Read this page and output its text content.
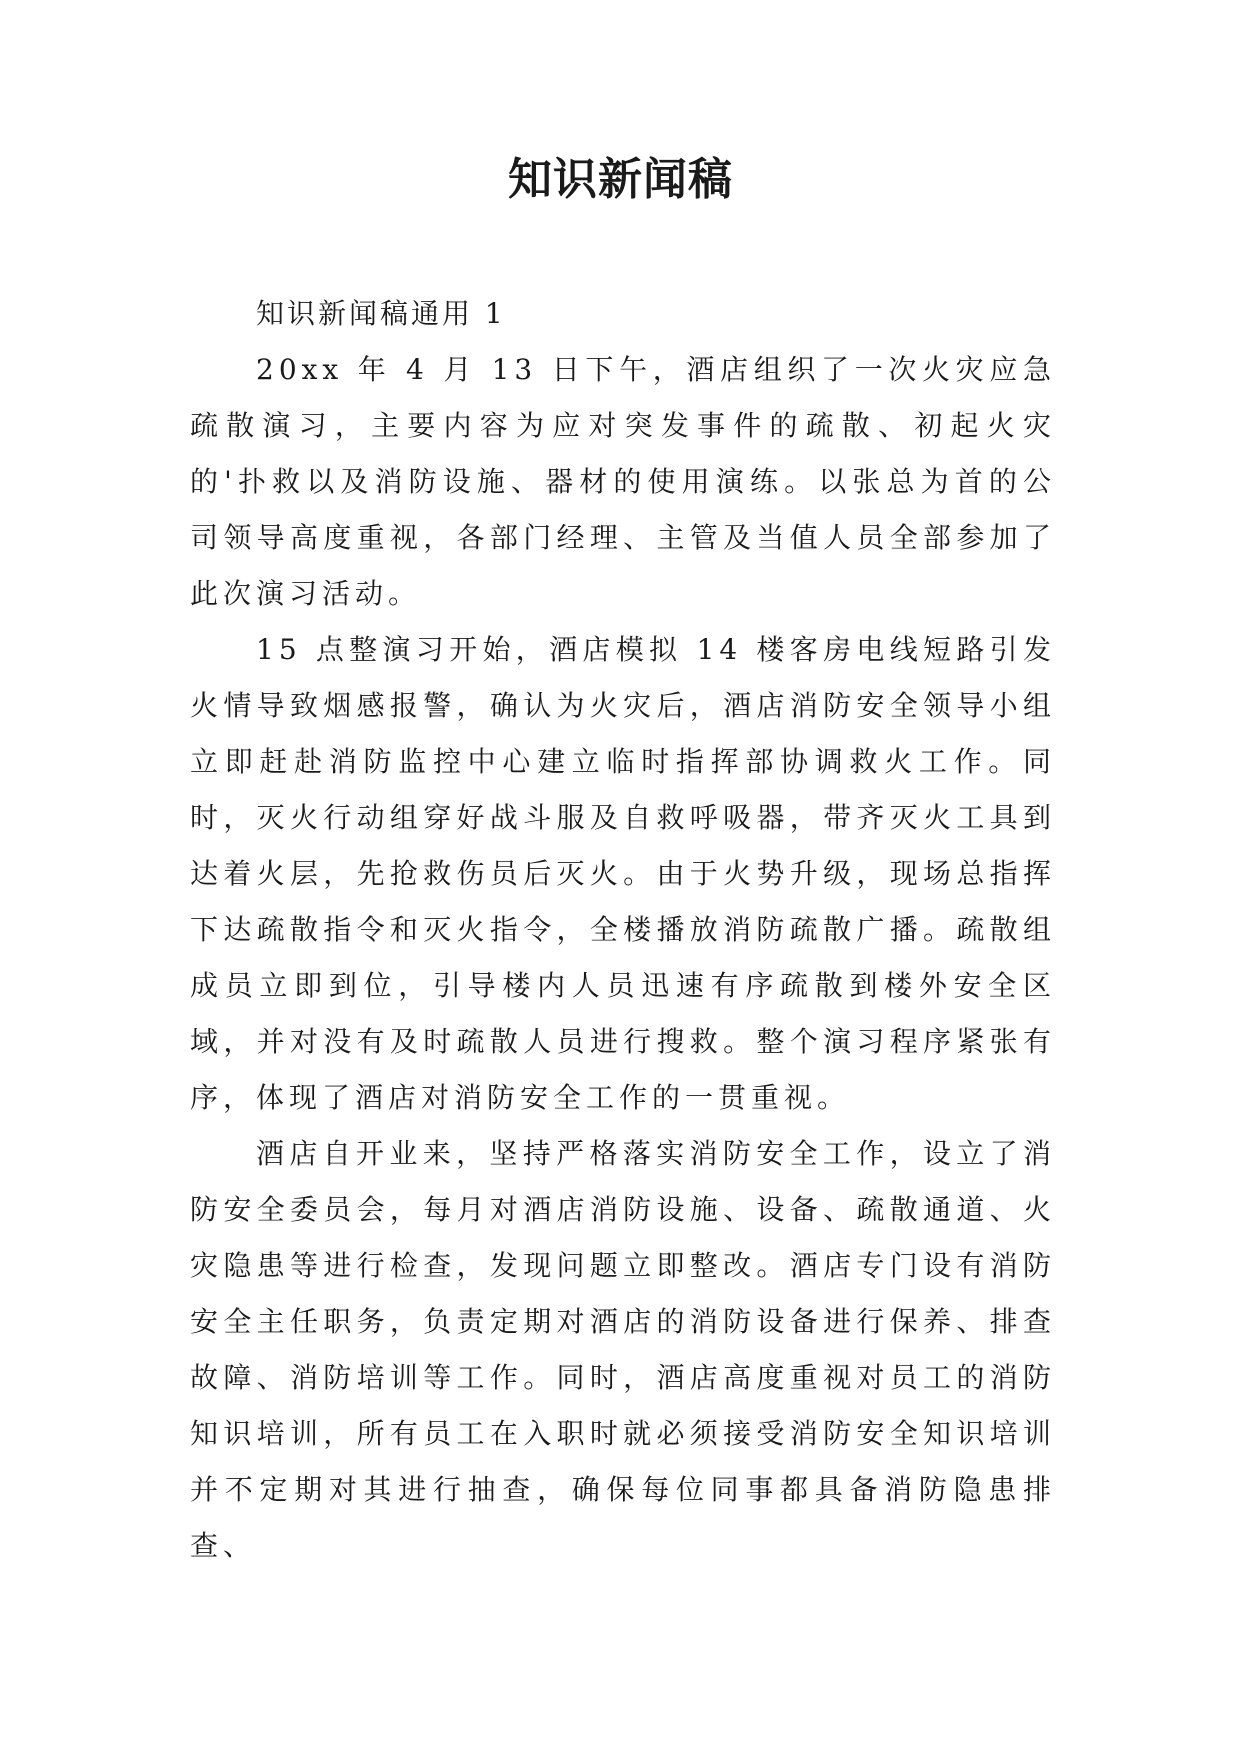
知识新闻稿

知识新闻稿通用 1

20xx 年 4 月 13 日下午，酒店组织了一次火灾应急疏散演习，主要内容为应对突发事件的疏散、初起火灾的'扑救以及消防设施、器材的使用演练。以张总为首的公司领导高度重视，各部门经理、主管及当值人员全部参加了此次演习活动。

15 点整演习开始，酒店模拟 14 楼客房电线短路引发火情导致烟感报警，确认为火灾后，酒店消防安全领导小组立即赶赴消防监控中心建立临时指挥部协调救火工作。同时，灭火行动组穿好战斗服及自救呼吸器，带齐灭火工具到达着火层，先抢救伤员后灭火。由于火势升级，现场总指挥下达疏散指令和灭火指令，全楼播放消防疏散广播。疏散组成员立即到位，引导楼内人员迅速有序疏散到楼外安全区域，并对没有及时疏散人员进行搜救。整个演习程序紧张有序，体现了酒店对消防安全工作的一贯重视。

酒店自开业来，坚持严格落实消防安全工作，设立了消防安全委员会，每月对酒店消防设施、设备、疏散通道、火灾隐患等进行检查，发现问题立即整改。酒店专门设有消防安全主任职务，负责定期对酒店的消防设备进行保养、排查故障、消防培训等工作。同时，酒店高度重视对员工的消防知识培训，所有员工在入职时就必须接受消防安全知识培训并不定期对其进行抽查，确保每位同事都具备消防隐患排查、
